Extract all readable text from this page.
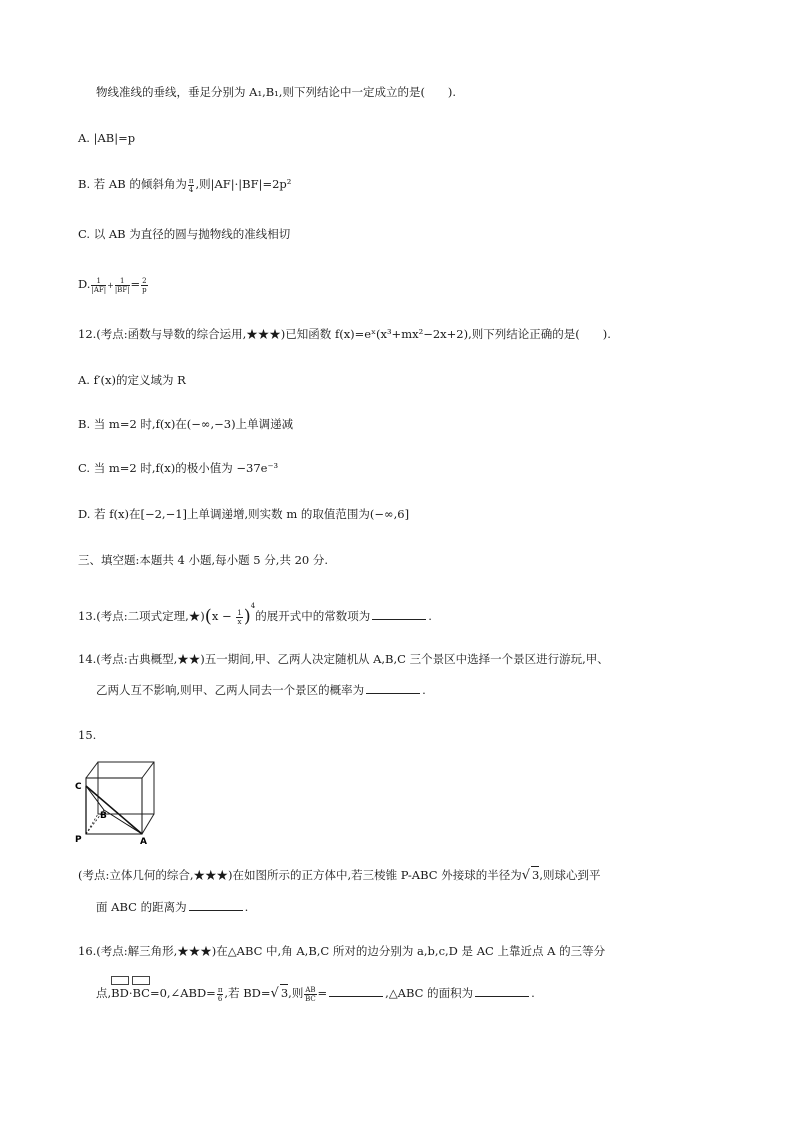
物线准线的垂线，垂足分别为 A₁,B₁,则下列结论中一定成立的是(　　).
A. |AB|=p
B. 若 AB 的倾斜角为 $\frac{\pi}{4}$ ,则|AF|·|BF|=2p²
C. 以 AB 为直径的圆与抛物线的准线相切
D. $\frac{1}{|AF|} + \frac{1}{|BF|} = \frac{2}{p}$
12.(考点:函数与导数的综合运用,★★★)已知函数 f(x)=eˣ(x³+mx²−2x+2),则下列结论正确的是(　　).
A. f′(x)的定义域为 R
B. 当 m=2 时,f(x)在(−∞,−3)上单调递减
C. 当 m=2 时,f(x)的极小值为 −37e⁻³
D. 若 f(x)在[−2,−1]上单调递增,则实数 m 的取值范围为(−∞,6]
三、填空题:本题共 4 小题,每小题 5 分,共 20 分.
13.(考点:二项式定理,★)(x − $\frac{1}{x} )^4$的展开式中的常数项为	.
14.(考点:古典概型,★★)五一期间,甲、乙两人决定随机从 A,B,C 三个景区中选择一个景区进行游玩,甲、
乙两人互不影响,则甲、乙两人同去一个景区的概率为	.
15.
C
B
P	A
(考点:立体几何的综合,★★★)在如图所示的正方体中,若三棱锥 P-ABC 外接球的半径为√ 3,则球心到平
面 ABC 的距离为	.
16.(考点:解三角形,★★★)在△ABC 中,角 A,B,C 所对的边分别为 a,b,c,D 是 AC 上靠近点 A 的三等分
点,
BD·
BC=0,∠ABD= $\frac{\pi}{6}$ ,若 BD=√ 3,则 $\frac{AB}{BC}$ =	,△ABC 的面积为	.
